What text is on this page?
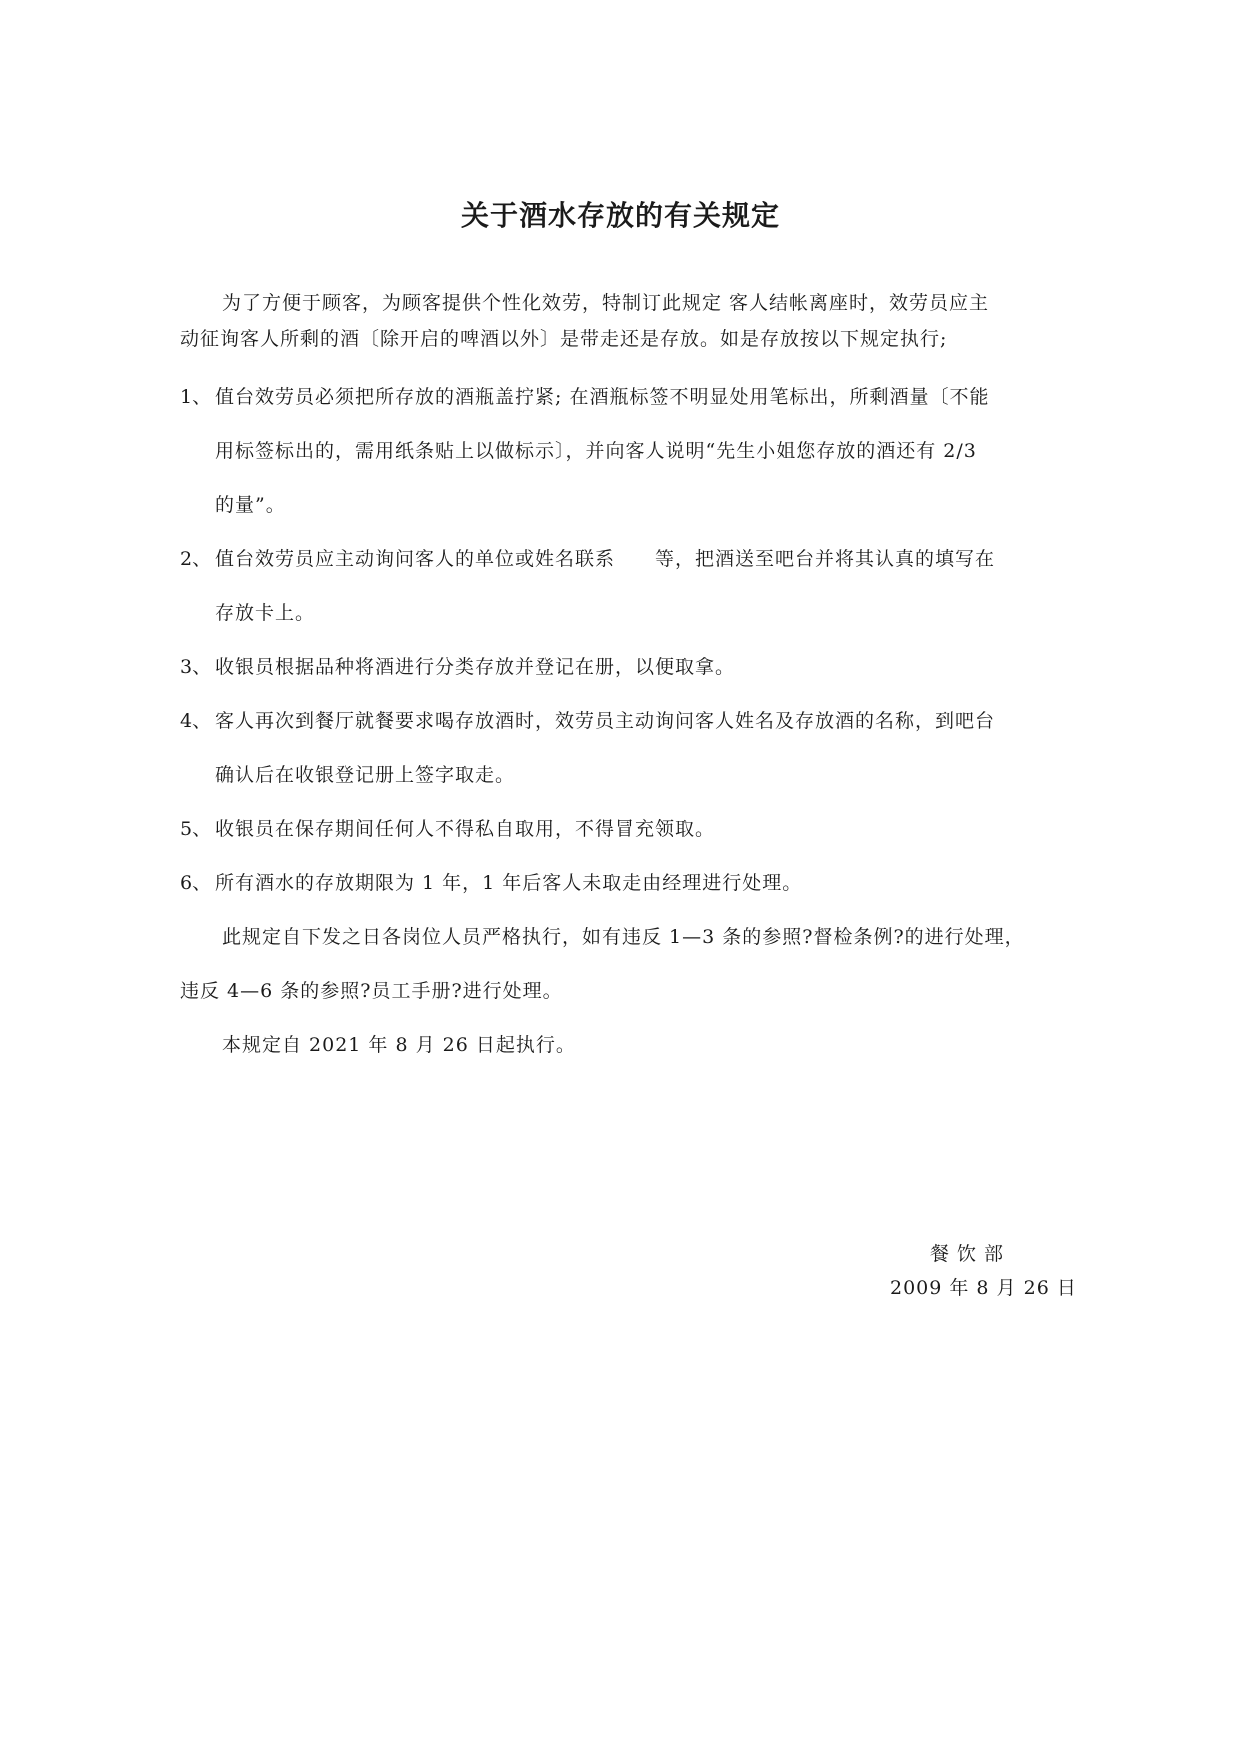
关于酒水存放的有关规定
为了方便于顾客，为顾客提供个性化效劳，特制订此规定 客人结帐离座时，效劳员应主
动征询客人所剩的酒〔除开启的啤酒以外〕是带走还是存放。如是存放按以下规定执行;
1、 值台效劳员必须把所存放的酒瓶盖拧紧; 在酒瓶标签不明显处用笔标出，所剩酒量〔不能
用标签标出的，需用纸条贴上以做标示〕，并向客人说明“先生小姐您存放的酒还有 2/3
的量”。
2、 值台效劳员应主动询问客人的单位或姓名联系　　等，把酒送至吧台并将其认真的填写在
存放卡上。
3、 收银员根据品种将酒进行分类存放并登记在册，以便取拿。
4、 客人再次到餐厅就餐要求喝存放酒时，效劳员主动询问客人姓名及存放酒的名称，到吧台
确认后在收银登记册上签字取走。
5、 收银员在保存期间任何人不得私自取用，不得冒充领取。
6、 所有酒水的存放期限为 1 年，1 年后客人未取走由经理进行处理。
此规定自下发之日各岗位人员严格执行，如有违反 1—3 条的参照?督检条例?的进行处理，
违反 4—6 条的参照?员工手册?进行处理。
本规定自 2021 年 8 月 26 日起执行。
餐饮部
2009 年 8 月 26 日
